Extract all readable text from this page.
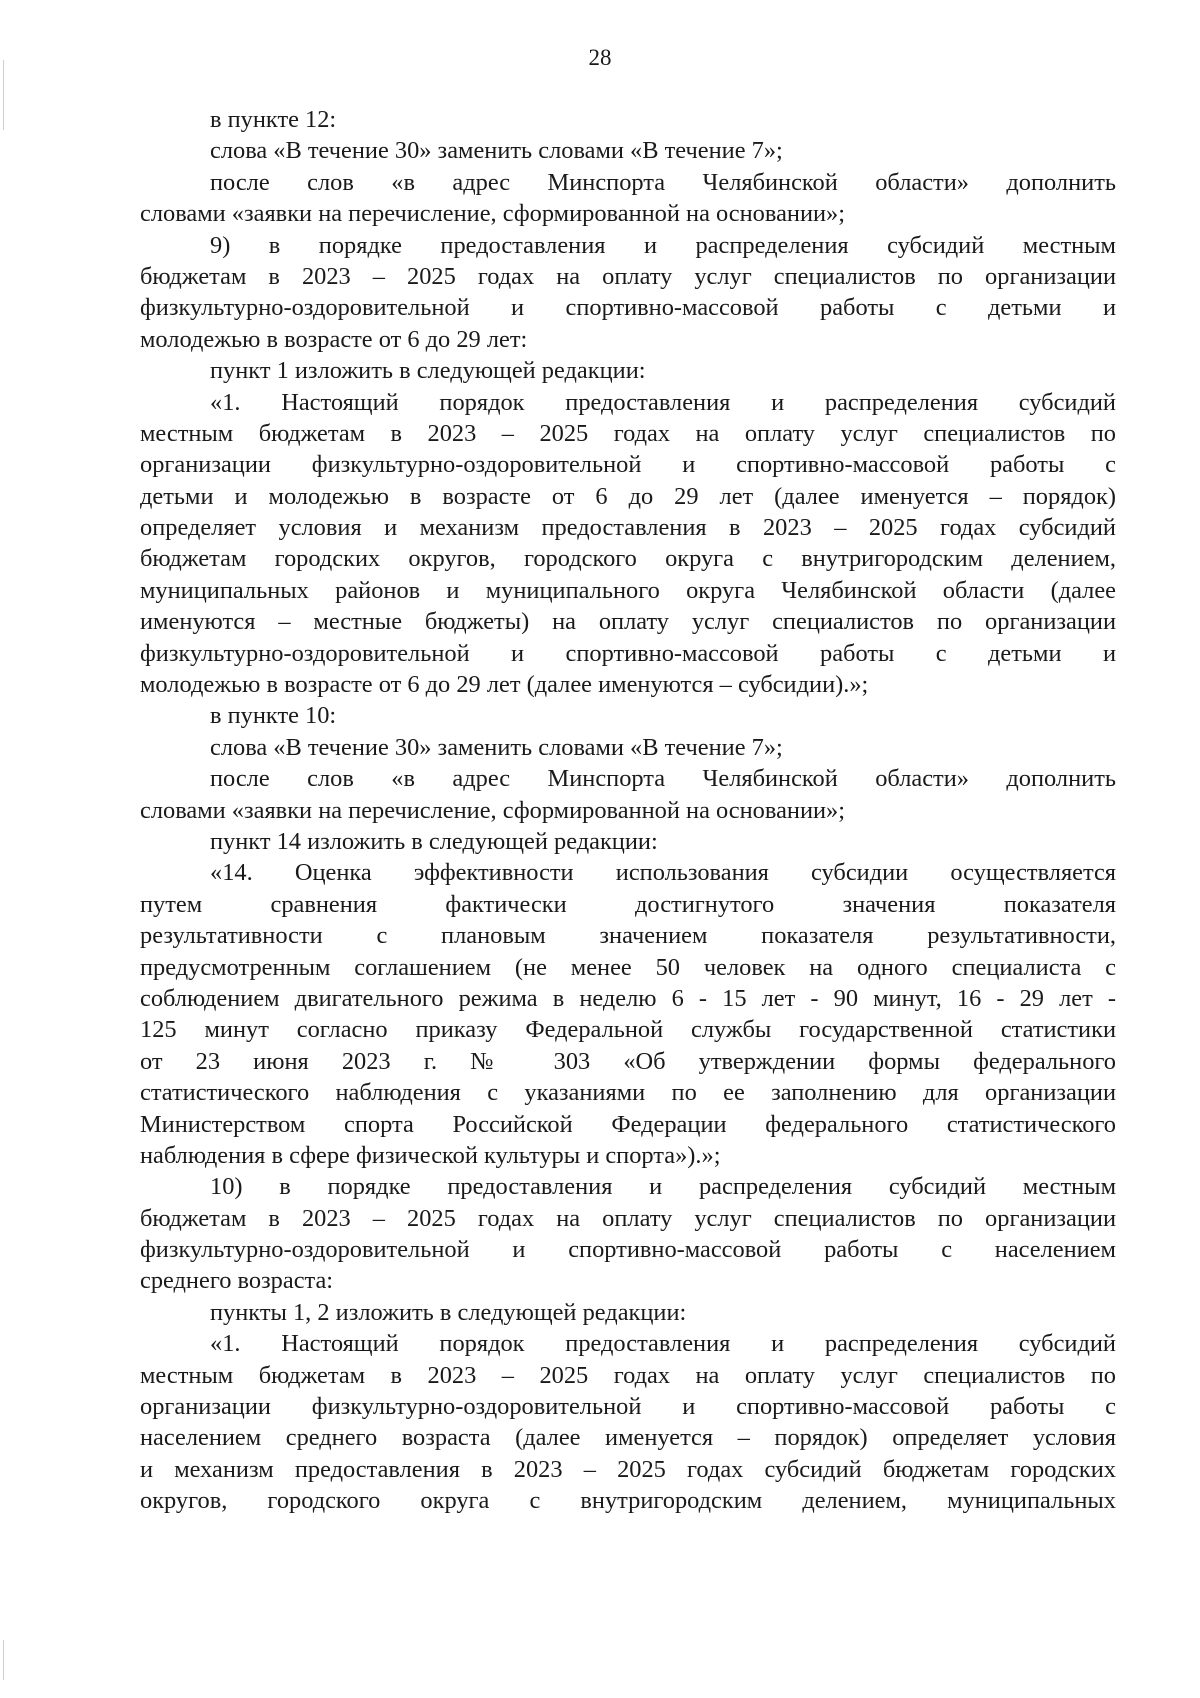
28
в пункте 12:
слова «В течение 30» заменить словами «В течение 7»;
после слов «в адрес Минспорта Челябинской области» дополнить
словами «заявки на перечисление, сформированной на основании»;
9) в порядке предоставления и распределения субсидий местным
бюджетам в 2023 – 2025 годах на оплату услуг специалистов по организации
физкультурно-оздоровительной и спортивно-массовой работы с детьми и
молодежью в возрасте от 6 до 29 лет:
пункт 1 изложить в следующей редакции:
«1. Настоящий порядок предоставления и распределения субсидий
местным бюджетам в 2023 – 2025 годах на оплату услуг специалистов по
организации физкультурно-оздоровительной и спортивно-массовой работы с
детьми и молодежью в возрасте от 6 до 29 лет (далее именуется – порядок)
определяет условия и механизм предоставления в 2023 – 2025 годах субсидий
бюджетам городских округов, городского округа с внутригородским делением,
муниципальных районов и муниципального округа Челябинской области (далее
именуются – местные бюджеты) на оплату услуг специалистов по организации
физкультурно-оздоровительной и спортивно-массовой работы с детьми и
молодежью в возрасте от 6 до 29 лет (далее именуются – субсидии).»;
в пункте 10:
слова «В течение 30» заменить словами «В течение 7»;
после слов «в адрес Минспорта Челябинской области» дополнить
словами «заявки на перечисление, сформированной на основании»;
пункт 14 изложить в следующей редакции:
«14. Оценка эффективности использования субсидии осуществляется
путем сравнения фактически достигнутого значения показателя
результативности с плановым значением показателя результативности,
предусмотренным соглашением (не менее 50 человек на одного специалиста с
соблюдением двигательного режима в неделю 6 - 15 лет - 90 минут, 16 - 29 лет -
125 минут согласно приказу Федеральной службы государственной статистики
от 23 июня 2023 г. № 303 «Об утверждении формы федерального
статистического наблюдения с указаниями по ее заполнению для организации
Министерством спорта Российской Федерации федерального статистического
наблюдения в сфере физической культуры и спорта»).»;
10) в порядке предоставления и распределения субсидий местным
бюджетам в 2023 – 2025 годах на оплату услуг специалистов по организации
физкультурно-оздоровительной и спортивно-массовой работы с населением
среднего возраста:
пункты 1, 2 изложить в следующей редакции:
«1. Настоящий порядок предоставления и распределения субсидий
местным бюджетам в 2023 – 2025 годах на оплату услуг специалистов по
организации физкультурно-оздоровительной и спортивно-массовой работы с
населением среднего возраста (далее именуется – порядок) определяет условия
и механизм предоставления в 2023 – 2025 годах субсидий бюджетам городских
округов, городского округа с внутригородским делением, муниципальных
